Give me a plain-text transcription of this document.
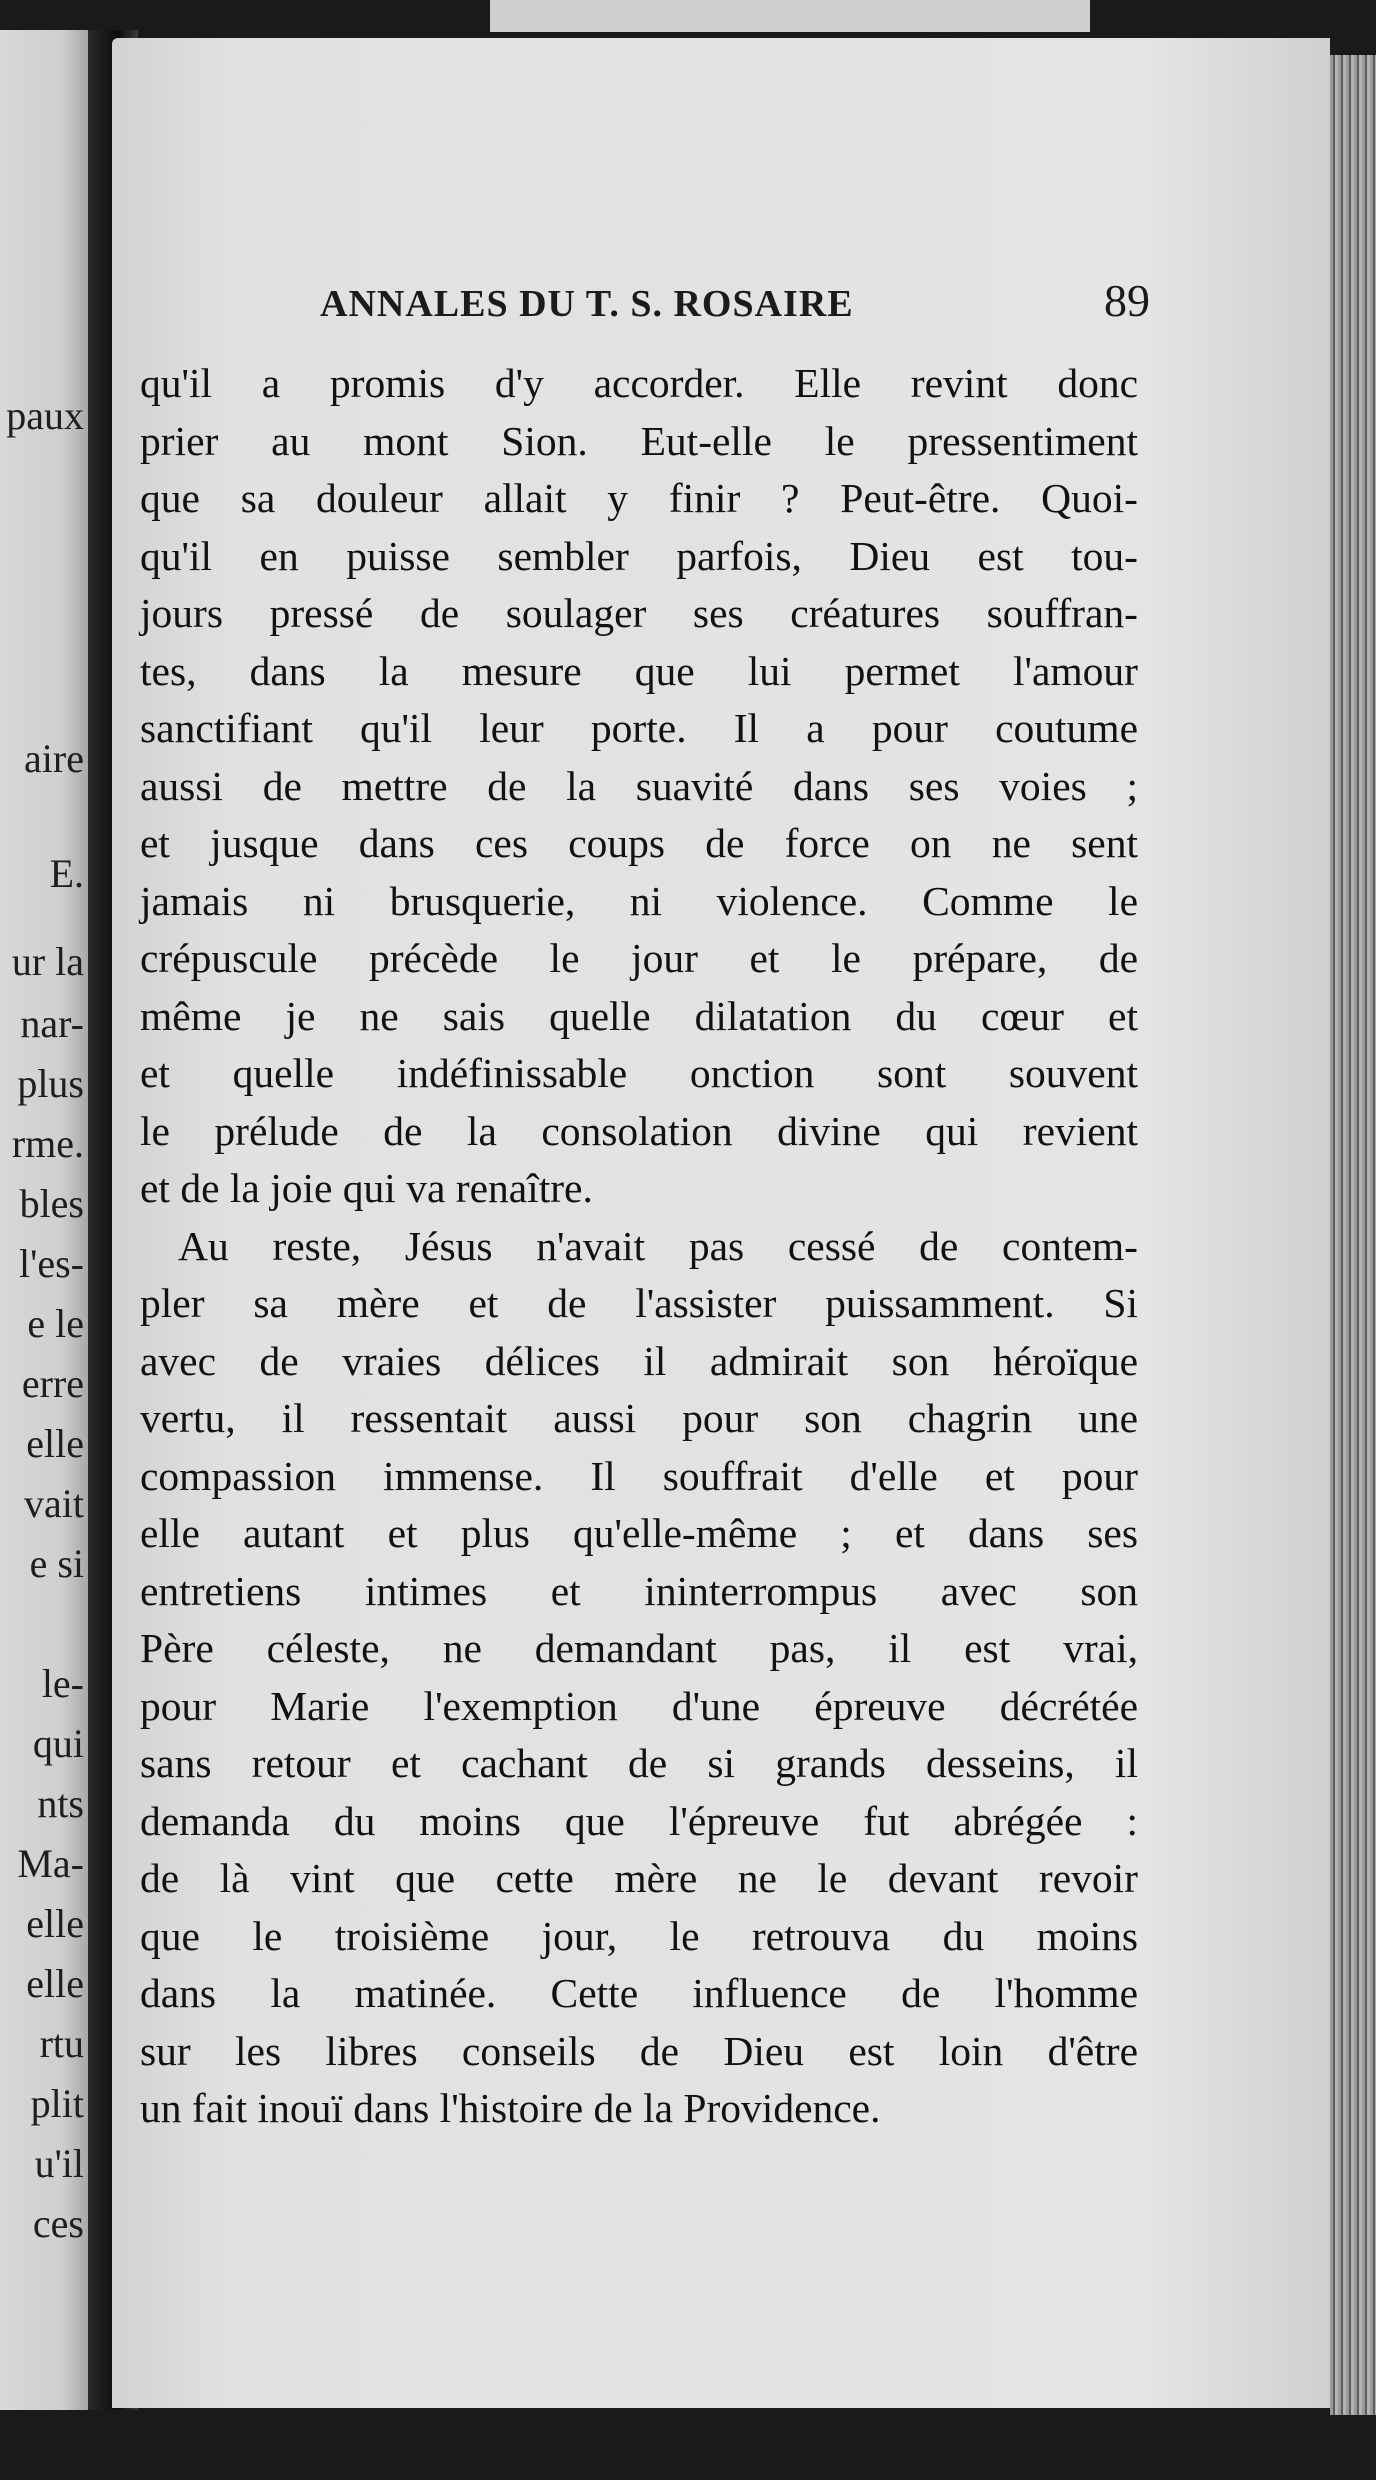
paux
aire
E.
ur la
nar-
plus
rme.
bles
l'es-
e le
erre
elle
vait
e si
le-
qui
nts
Ma-
elle
elle
rtu
plit
u'il
ces
ANNALES DU T. S. ROSAIRE	89
qu'il a promis d'y accorder. Elle revint donc
prier au mont Sion. Eut-elle le pressentiment
que sa douleur allait y finir ? Peut-être. Quoi-
qu'il en puisse sembler parfois, Dieu est tou-
jours pressé de soulager ses créatures souffran-
tes, dans la mesure que lui permet l'amour
sanctifiant qu'il leur porte. Il a pour coutume
aussi de mettre de la suavité dans ses voies ;
et jusque dans ces coups de force on ne sent
jamais ni brusquerie, ni violence. Comme le
crépuscule précède le jour et le prépare, de
même je ne sais quelle dilatation du cœur et
et quelle indéfinissable onction sont souvent
le prélude de la consolation divine qui revient
et de la joie qui va renaître.
Au reste, Jésus n'avait pas cessé de contem-
pler sa mère et de l'assister puissamment. Si
avec de vraies délices il admirait son héroïque
vertu, il ressentait aussi pour son chagrin une
compassion immense. Il souffrait d'elle et pour
elle autant et plus qu'elle-même ; et dans ses
entretiens intimes et ininterrompus avec son
Père céleste, ne demandant pas, il est vrai,
pour Marie l'exemption d'une épreuve décrétée
sans retour et cachant de si grands desseins, il
demanda du moins que l'épreuve fut abrégée :
de là vint que cette mère ne le devant revoir
que le troisième jour, le retrouva du moins
dans la matinée. Cette influence de l'homme
sur les libres conseils de Dieu est loin d'être
un fait inouï dans l'histoire de la Providence.
